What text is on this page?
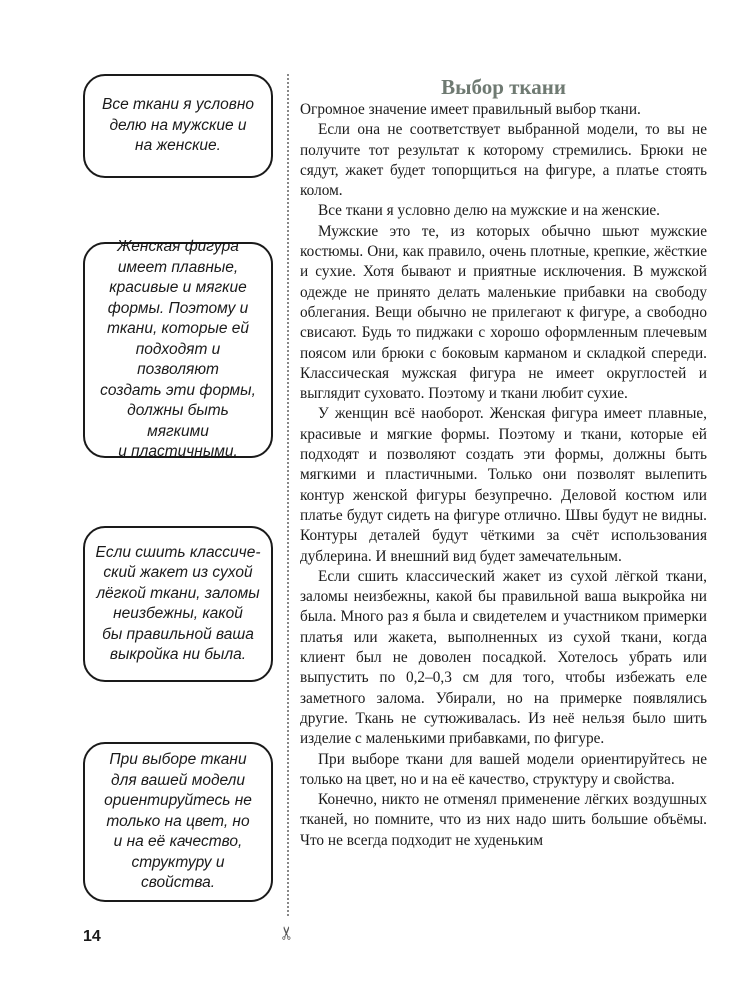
Все ткани я условно
делю на мужские и
на женские.
Женская фигура
имеет плавные,
красивые и мягкие
формы. Поэтому и
ткани, которые ей
подходят и позволяют
создать эти формы,
должны быть мягкими
и пластичными.
Если сшить классиче-
ский жакет из сухой
лёгкой ткани, заломы
неизбежны, какой
бы правильной ваша
выкройка ни была.
При выборе ткани
для вашей модели
ориентируйтесь не
только на цвет, но
и на её качество,
структуру и свойства.
14	✂
Выбор ткани

Огромное значение имеет правильный выбор ткани.

Если она не соответствует выбранной модели, то вы не получите тот результат к которому стремились. Брюки не сядут, жакет будет топорщиться на фигуре, а платье стоять колом.

Все ткани я условно делю на мужские и на женские.

Мужские это те, из которых обычно шьют мужские костюмы. Они, как правило, очень плотные, крепкие, жёсткие и сухие. Хотя бывают и приятные исключения. В мужской одежде не принято делать маленькие прибавки на свободу облегания. Вещи обычно не прилегают к фигуре, а свободно свисают. Будь то пиджаки с хорошо оформленным плечевым поясом или брюки с боковым карманом и складкой спереди. Классическая мужская фигура не имеет округлостей и выглядит суховато. Поэтому и ткани любит сухие.

У женщин всё наоборот. Женская фигура имеет плавные, красивые и мягкие формы. Поэтому и ткани, которые ей подходят и позволяют создать эти формы, должны быть мягкими и пластичными. Только они позволят вылепить контур женской фигуры безупречно. Деловой костюм или платье будут сидеть на фигуре отлично. Швы будут не видны. Контуры деталей будут чёткими за счёт использования дублерина. И внешний вид будет замечательным.

Если сшить классический жакет из сухой лёгкой ткани, заломы неизбежны, какой бы правильной ваша выкройка ни была. Много раз я была и свидетелем и участником примерки платья или жакета, выполненных из сухой ткани, когда клиент был не доволен посадкой. Хотелось убрать или выпустить по 0,2–0,3 см для того, чтобы избежать еле заметного залома. Убирали, но на примерке появлялись другие. Ткань не сутюживалась. Из неё нельзя было шить изделие с маленькими прибавками, по фигуре.

При выборе ткани для вашей модели ориентируйтесь не только на цвет, но и на её качество, структуру и свойства.

Конечно, никто не отменял применение лёгких воздушных тканей, но помните, что из них надо шить большие объёмы. Что не всегда подходит не худеньким
